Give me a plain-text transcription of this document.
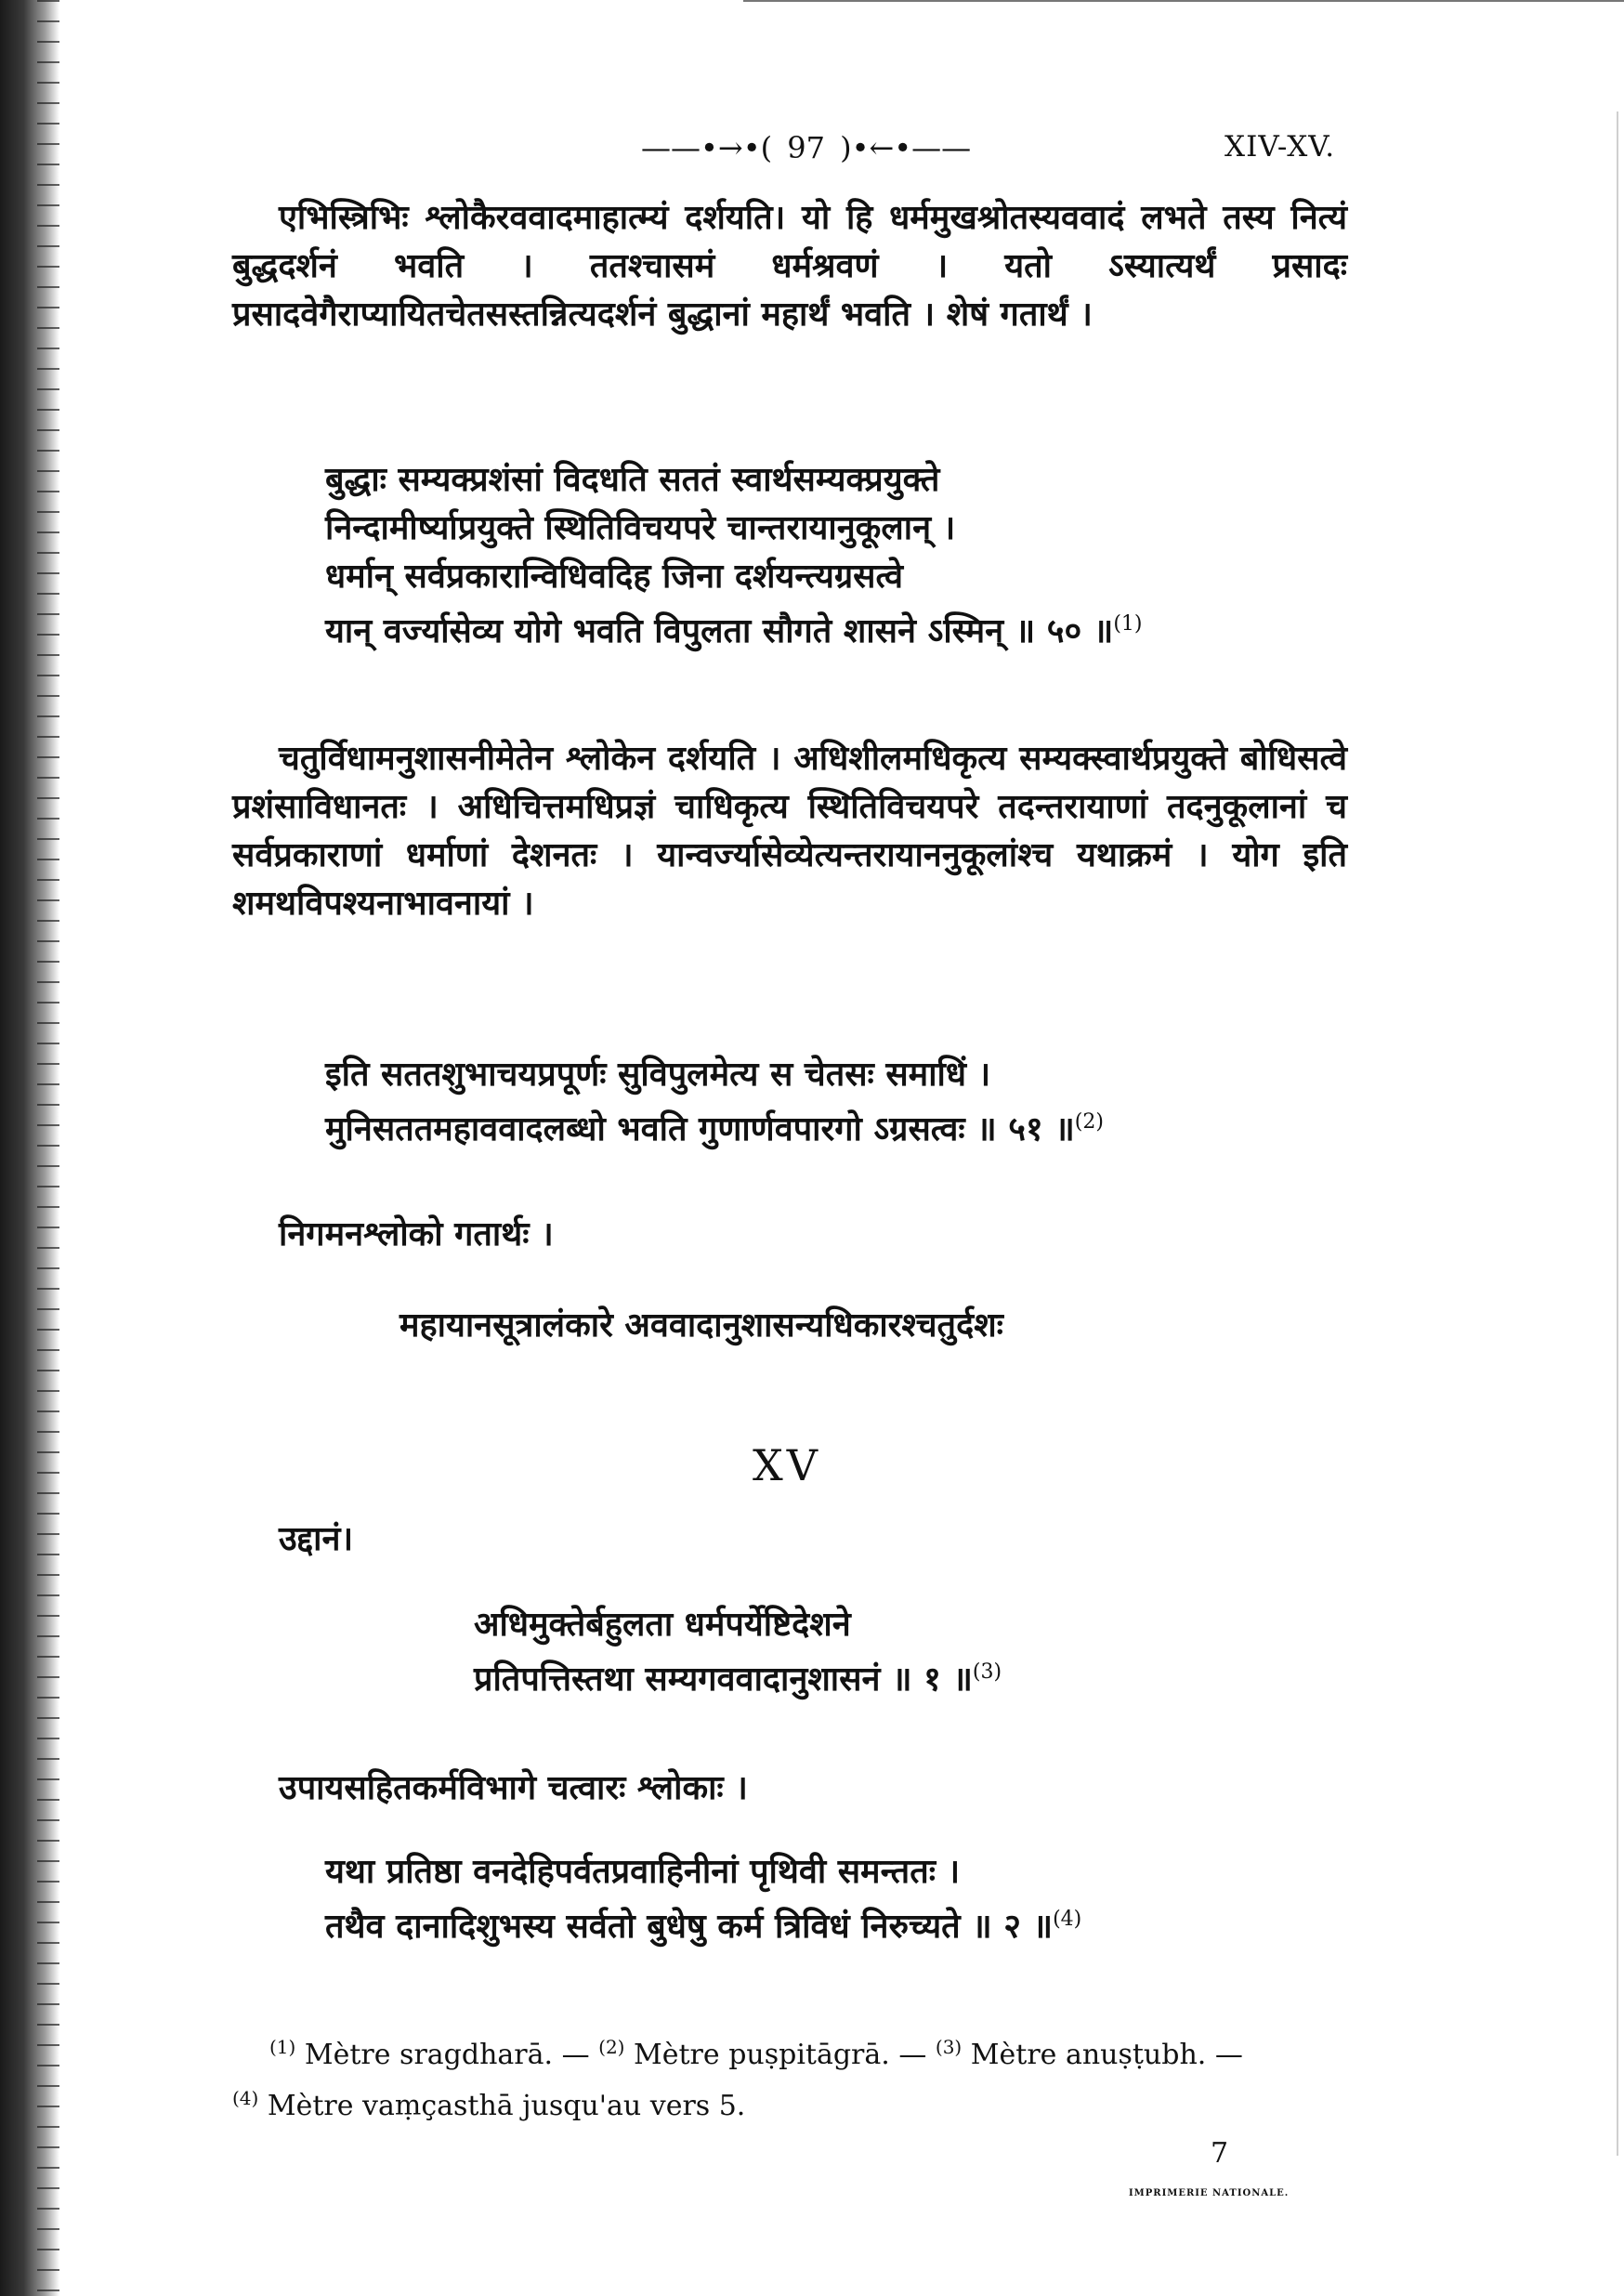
——•→•( 97 )•←•——	XIV-XV.
एभिस्त्रिभिः श्लोकैरववादमाहात्म्यं दर्शयति। यो हि धर्ममुखश्रोतस्यववादं लभते तस्य नित्यं बुद्धदर्शनं भवति । ततश्चासमं धर्मश्रवणं । यतो ऽस्यात्यर्थं प्रसादः प्रसादवेगैराप्यायितचेतसस्तन्नित्यदर्शनं बुद्धानां महार्थं भवति । शेषं गतार्थं ।
बुद्धाः सम्यक्प्रशंसां विदधति सततं स्वार्थसम्यक्प्रयुक्ते
निन्दामीर्ष्याप्रयुक्ते स्थितिविचयपरे चान्तरायानुकूलान् ।
धर्मान् सर्वप्रकारान्विधिवदिह जिना दर्शयन्त्यग्रसत्वे
यान् वर्ज्यासेव्य योगे भवति विपुलता सौगते शासने ऽस्मिन् ॥ ५० ॥$^{(1)}$
चतुर्विधामनुशासनीमेतेन श्लोकेन दर्शयति । अधिशीलमधिकृत्य सम्यक्स्वार्थप्रयुक्ते बोधिसत्वे प्रशंसाविधानतः । अधिचित्तमधिप्रज्ञं चाधिकृत्य स्थितिविचयपरे तदन्तरायाणां तदनुकूलानां च सर्वप्रकाराणां धर्माणां देशनतः । यान्वर्ज्यासेव्येत्यन्तरायाननुकूलांश्च यथाक्रमं । योग इति शमथविपश्यनाभावनायां ।
इति सततशुभाचयप्रपूर्णः सुविपुलमेत्य स चेतसः समाधिं ।
मुनिसततमहाववादलब्धो भवति गुणार्णवपारगो ऽग्रसत्वः ॥ ५१ ॥$^{(2)}$
निगमनश्लोको गतार्थः ।
महायानसूत्रालंकारे अववादानुशासन्यधिकारश्चतुर्दशः
XV
उद्दानं।
अधिमुक्तेर्बहुलता धर्मपर्येष्टिदेशने
प्रतिपत्तिस्तथा सम्यगववादानुशासनं ॥ १ ॥$^{(3)}$
उपायसहितकर्मविभागे चत्वारः श्लोकाः ।
यथा प्रतिष्ठा वनदेहिपर्वतप्रवाहिनीनां पृथिवी समन्ततः ।
तथैव दानादिशुभस्य सर्वतो बुधेषु कर्म त्रिविधं निरुच्यते ॥ २ ॥$^{(4)}$
$^{(1)}$ Mètre sragdharā. — $^{(2)}$ Mètre puṣpitāgrā. — $^{(3)}$ Mètre anuṣṭubh. —
$^{(4)}$ Mètre vaṃçasthā jusqu'au vers 5.
7
IMPRIMERIE NATIONALE.
